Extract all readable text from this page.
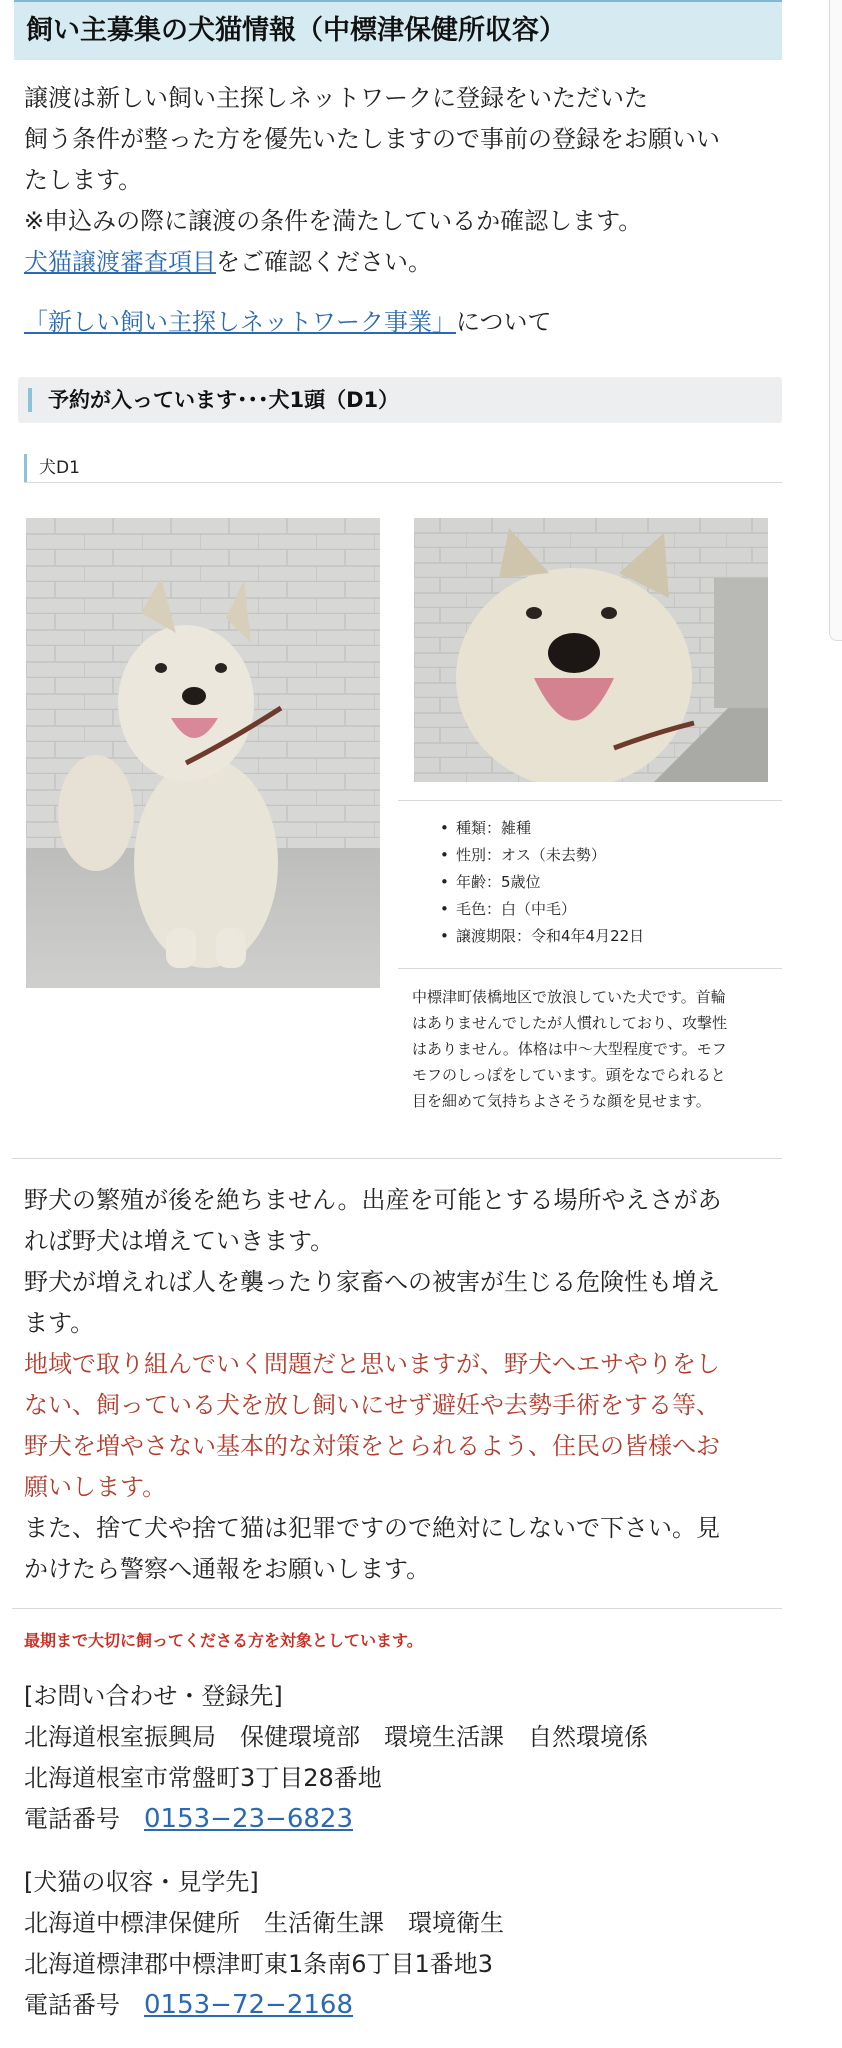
飼い主募集の犬猫情報（中標津保健所収容）
譲渡は新しい飼い主探しネットワークに登録をいただいた
飼う条件が整った方を優先いたしますので事前の登録をお願いい
たします。
※申込みの際に譲渡の条件を満たしているか確認します。
犬猫譲渡審査項目をご確認ください。
「新しい飼い主探しネットワーク事業」について
予約が入っています･･･犬1頭（D1）
犬D1
• 種類：雑種
• 性別：オス（未去勢）
• 年齢：5歳位
• 毛色：白（中毛）
• 譲渡期限：令和4年4月22日
中標津町俵橋地区で放浪していた犬です。首輪
はありませんでしたが人慣れしており、攻撃性
はありません。体格は中〜大型程度です。モフ
モフのしっぽをしています。頭をなでられると
目を細めて気持ちよさそうな顔を見せます。
野犬の繁殖が後を絶ちません。出産を可能とする場所やえさがあ
れば野犬は増えていきます。
野犬が増えれば人を襲ったり家畜への被害が生じる危険性も増え
ます。
地域で取り組んでいく問題だと思いますが、野犬へエサやりをし
ない、飼っている犬を放し飼いにせず避妊や去勢手術をする等、
野犬を増やさない基本的な対策をとられるよう、住民の皆様へお
願いします。
また、捨て犬や捨て猫は犯罪ですので絶対にしないで下さい。見
かけたら警察へ通報をお願いします。
最期まで大切に飼ってくださる方を対象としています。
[お問い合わせ・登録先]
北海道根室振興局　保健環境部　環境生活課　自然環境係
北海道根室市常盤町3丁目28番地
電話番号　0153−23−6823
[犬猫の収容・見学先]
北海道中標津保健所　生活衛生課　環境衛生
北海道標津郡中標津町東1条南6丁目1番地3
電話番号　0153−72−2168
